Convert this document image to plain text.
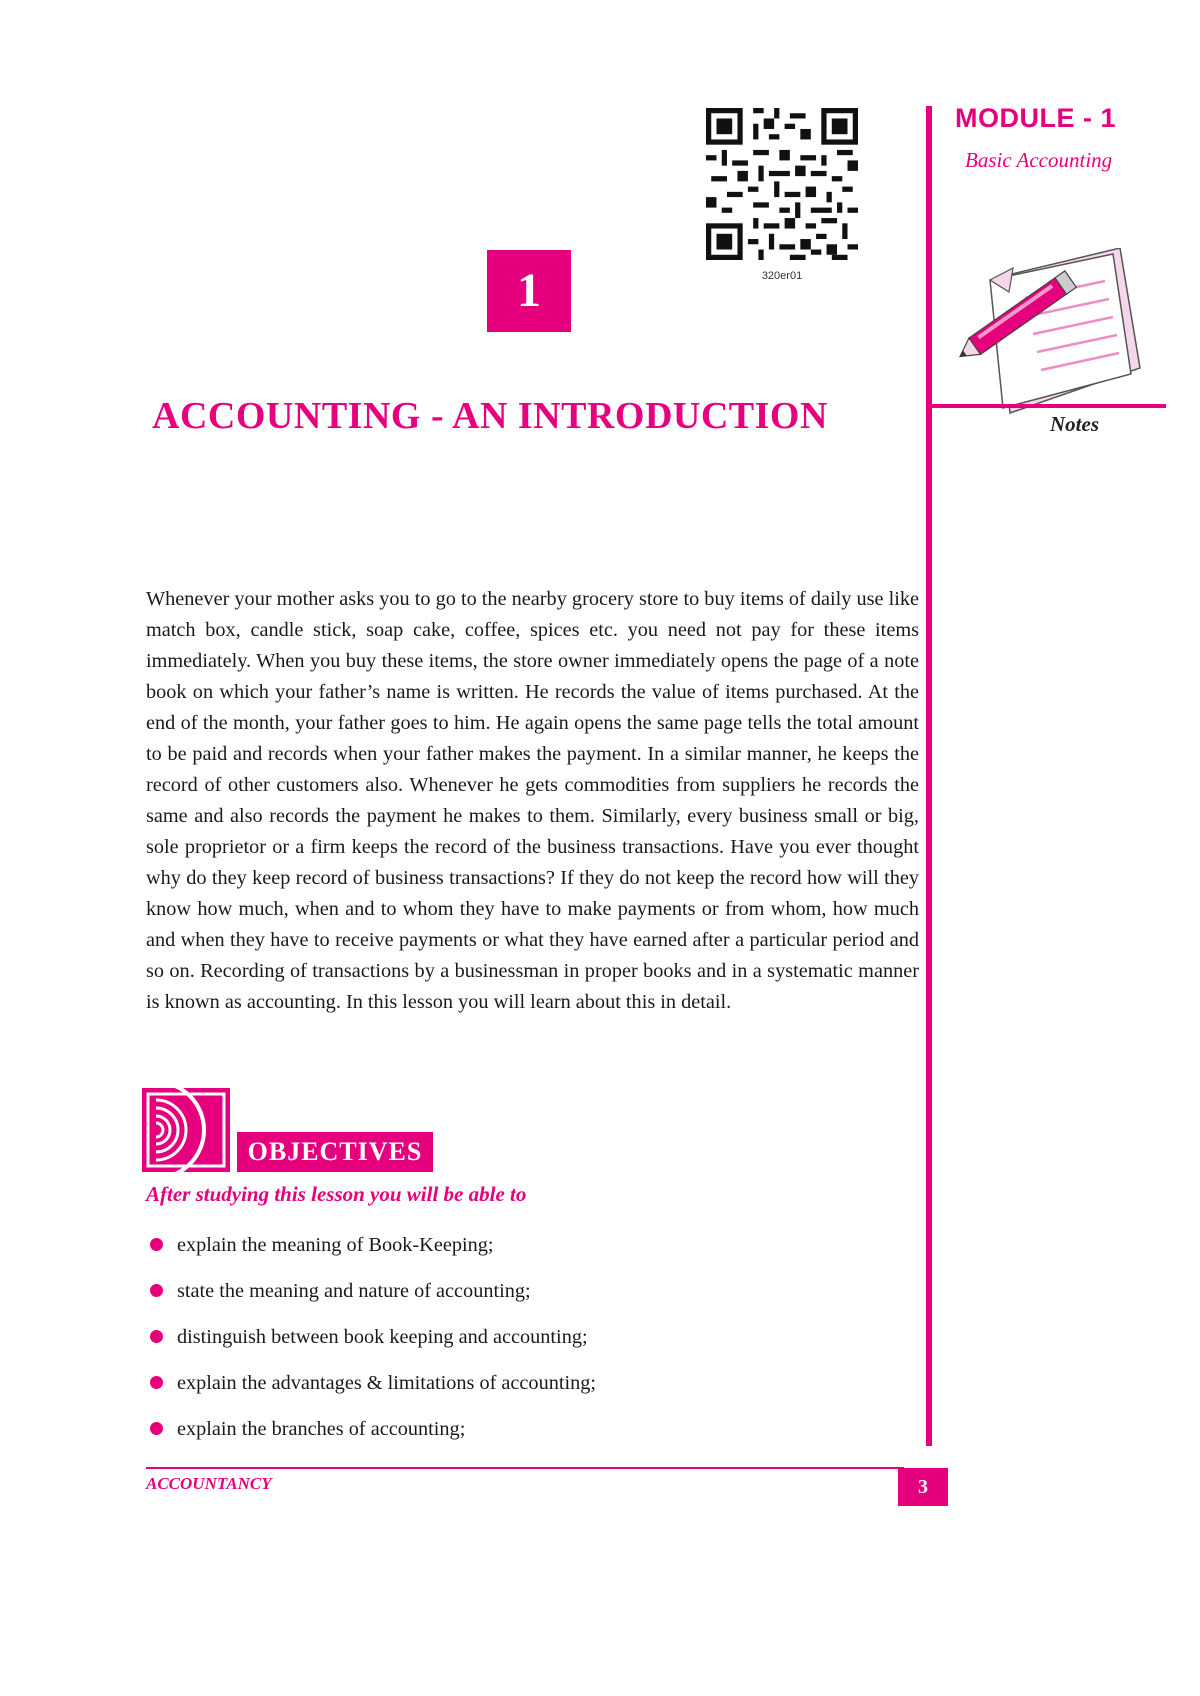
MODULE - 1
Basic Accounting
Notes
320er01
1
ACCOUNTING - AN INTRODUCTION
Whenever your mother asks you to go to the nearby grocery store to buy items of daily use like match box, candle stick, soap cake, coffee, spices etc. you need not pay for these items immediately. When you buy these items, the store owner immediately opens the page of a note book on which your father’s name is written. He records the value of items purchased. At the end of the month, your father goes to him. He again opens the same page tells the total amount to be paid and records when your father makes the payment. In a similar manner, he keeps the record of other customers also. Whenever he gets commodities from suppliers he records the same and also records the payment he makes to them. Similarly, every business small or big, sole proprietor or a firm keeps the record of the business transactions. Have you ever thought why do they keep record of business transactions? If they do not keep the record how will they know how much, when and to whom they have to make payments or from whom, how much and when they have to receive payments or what they have earned after a particular period and so on. Recording of transactions by a businessman in proper books and in a systematic manner is known as accounting. In this lesson you will learn about this in detail.
OBJECTIVES
After studying this lesson you will be able to
explain the meaning of Book-Keeping;
state the meaning and nature of accounting;
distinguish between book keeping and accounting;
explain the advantages & limitations of accounting;
explain the branches of accounting;
ACCOUNTANCY	3
